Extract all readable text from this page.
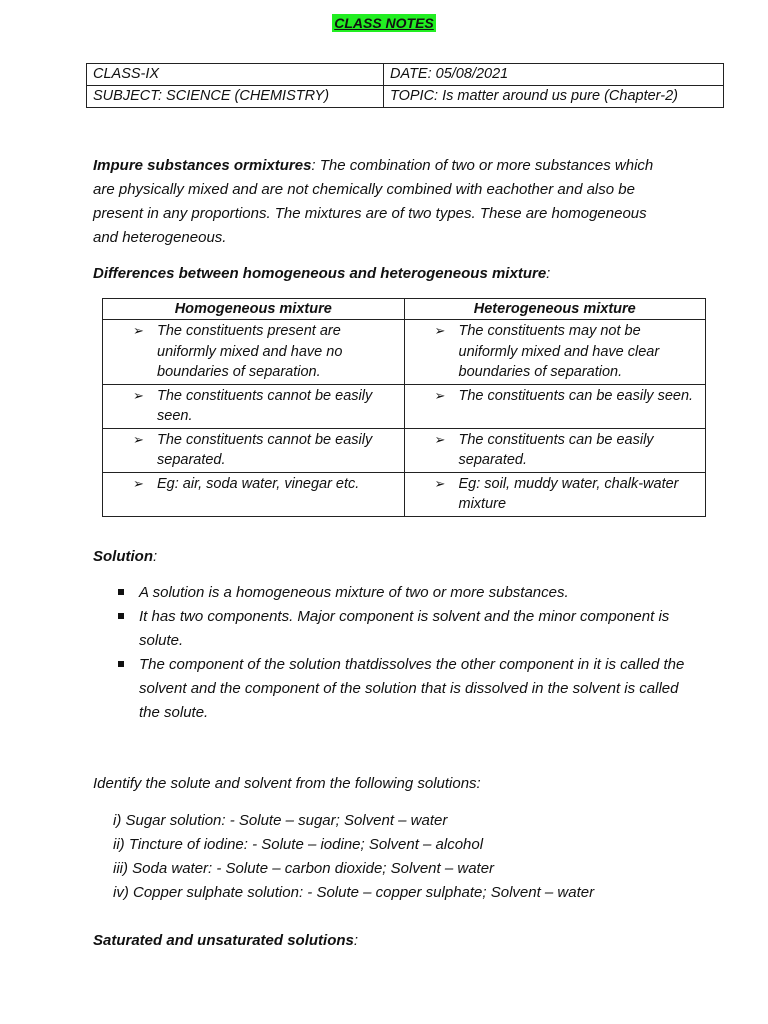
CLASS NOTES
CLASS-IX	DATE: 05/08/2021
SUBJECT: SCIENCE (CHEMISTRY)	TOPIC: Is matter around us pure (Chapter-2)
Impure substances ormixtures: The combination of two or more substances which are physically mixed and are not chemically combined with eachother and also be present in any proportions. The mixtures are of two types. These are homogeneous and heterogeneous.
Differences between homogeneous and heterogeneous mixture:
Homogeneous mixture	Heterogeneous mixture

➢ The constituents present are uniformly mixed and have no boundaries of separation.	➢ The constituents may not be uniformly mixed and have clear boundaries of separation.

➢ The constituents cannot be easily seen.	➢ The constituents can be easily seen.

➢ The constituents cannot be easily separated.	➢ The constituents can be easily separated.

➢ Eg: air, soda water, vinegar etc.	➢ Eg: soil, muddy water, chalk-water mixture
Solution:
A solution is a homogeneous mixture of two or more substances.
It has two components. Major component is solvent and the minor component is solute.
The component of the solution thatdissolves the other component in it is called the solvent and the component of the solution that is dissolved in the solvent is called the solute.
Identify the solute and solvent from the following solutions:
i) Sugar solution: - Solute – sugar; Solvent – water
ii) Tincture of iodine: - Solute – iodine; Solvent – alcohol
iii) Soda water: - Solute – carbon dioxide; Solvent – water
iv) Copper sulphate solution: - Solute – copper sulphate; Solvent – water
Saturated and unsaturated solutions:
